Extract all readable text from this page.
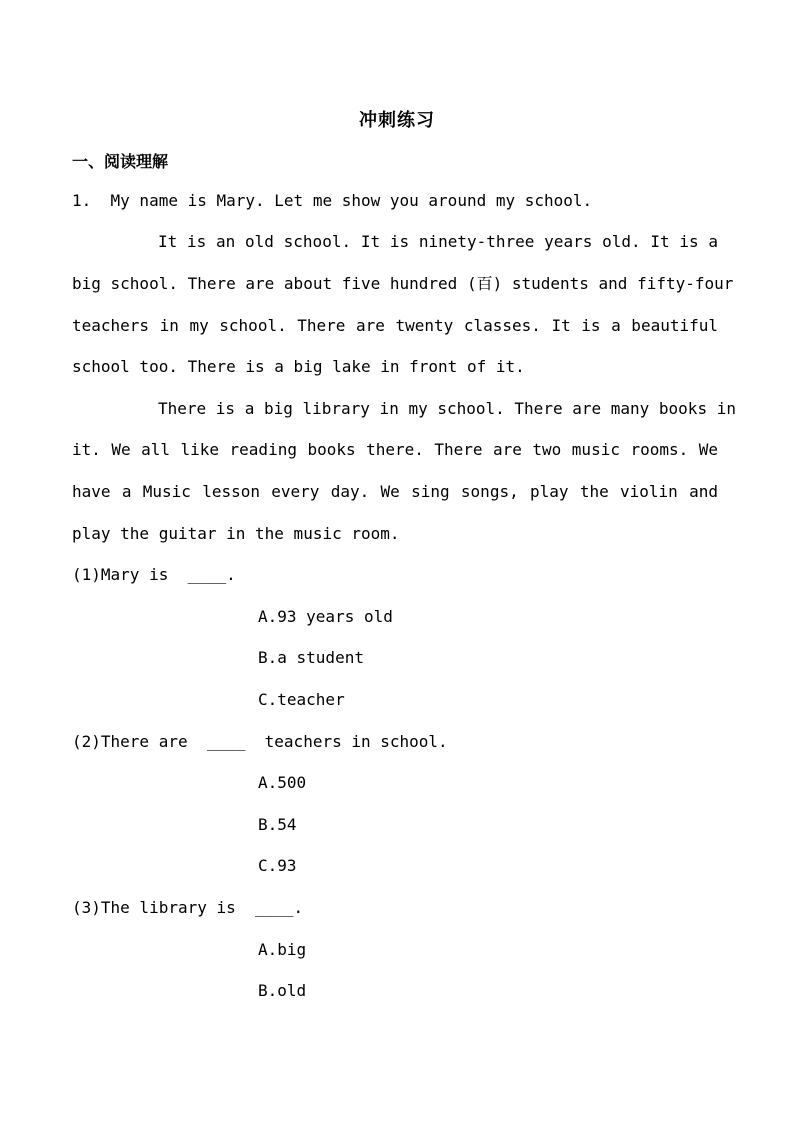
冲刺练习
一、阅读理解
1.  My name is Mary. Let me show you around my school.
It is an old school. It is ninety-three years old. It is a
big school. There are about five hundred (百) students and fifty-four
teachers in my school. There are twenty classes. It is a beautiful
school too. There is a big lake in front of it.
There is a big library in my school. There are many books in
it. We all like reading books there. There are two music rooms. We
have a Music lesson every day. We sing songs, play the violin and
play the guitar in the music room.
(1)Mary is  ____.
A.93 years old
B.a student
C.teacher
(2)There are  ____  teachers in school.
A.500
B.54
C.93
(3)The library is  ____.
A.big
B.old
